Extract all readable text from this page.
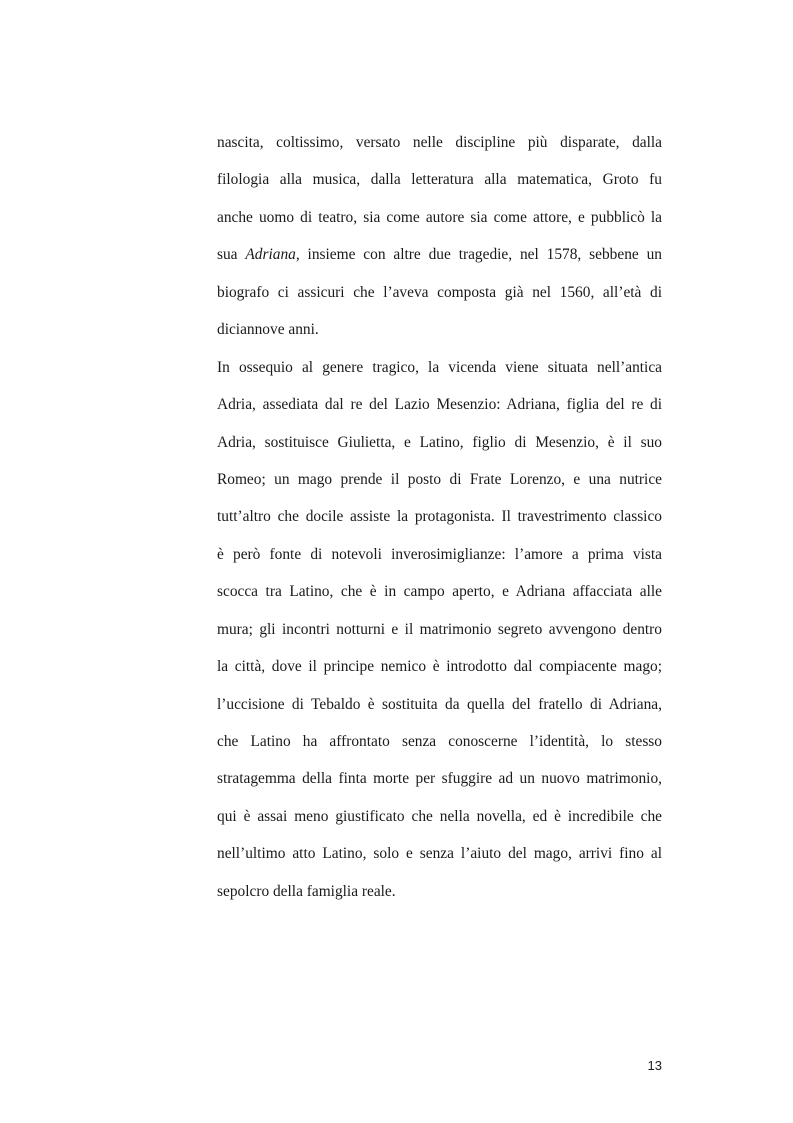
nascita, coltissimo, versato nelle discipline più disparate, dalla
filologia alla musica, dalla letteratura alla matematica, Groto fu
anche uomo di teatro, sia come autore sia come attore, e pubblicò la
sua Adriana, insieme con altre due tragedie, nel 1578, sebbene un
biografo ci assicuri che l’aveva composta già nel 1560, all’età di
diciannove anni.
In ossequio al genere tragico, la vicenda viene situata nell’antica
Adria, assediata dal re del Lazio Mesenzio: Adriana, figlia del re di
Adria, sostituisce Giulietta, e Latino, figlio di Mesenzio, è il suo
Romeo; un mago prende il posto di Frate Lorenzo, e una nutrice
tutt’altro che docile assiste la protagonista. Il travestrimento classico
è però fonte di notevoli inverosimiglianze: l’amore a prima vista
scocca tra Latino, che è in campo aperto, e Adriana affacciata alle
mura; gli incontri notturni e il matrimonio segreto avvengono dentro
la città, dove il principe nemico è introdotto dal compiacente mago;
l’uccisione di Tebaldo è sostituita da quella del fratello di Adriana,
che Latino ha affrontato senza conoscerne l’identità, lo stesso
stratagemma della finta morte per sfuggire ad un nuovo matrimonio,
qui è assai meno giustificato che nella novella, ed è incredibile che
nell’ultimo atto Latino, solo e senza l’aiuto del mago, arrivi fino al
sepolcro della famiglia reale.
13
